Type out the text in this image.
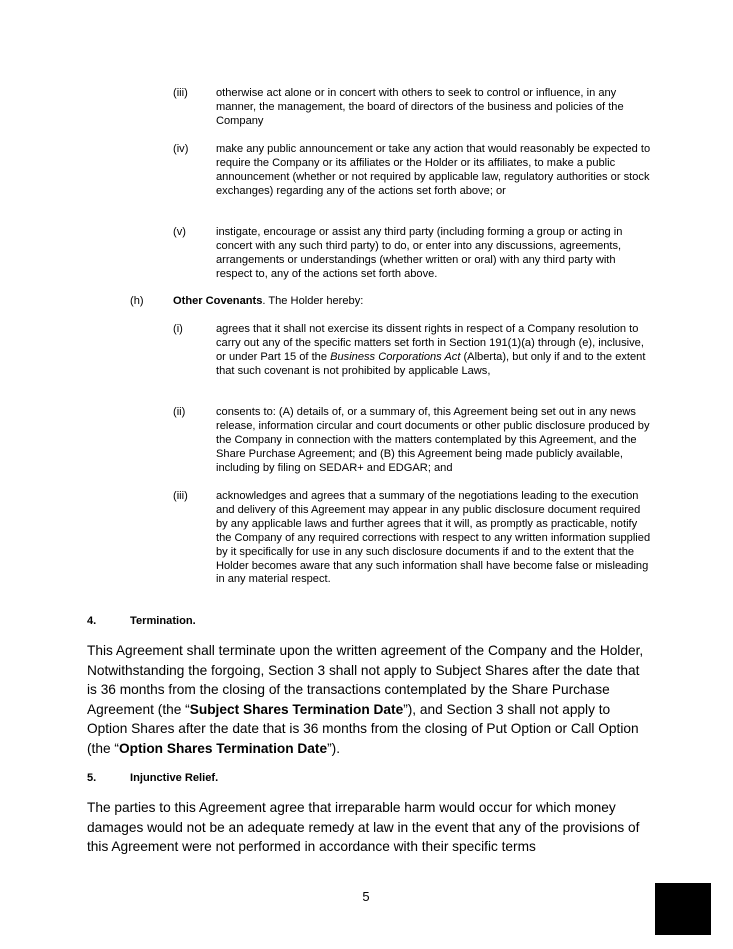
(iii)	otherwise act alone or in concert with others to seek to control or influence, in any manner, the management, the board of directors of the business and policies of the Company
(iv) make any public announcement or take any action that would reasonably be expected to require the Company or its affiliates or the Holder or its affiliates, to make a public announcement (whether or not required by applicable law, regulatory authorities or stock exchanges) regarding any of the actions set forth above; or
(v)	instigate, encourage or assist any third party (including forming a group or acting in concert with any such third party) to do, or enter into any discussions, agreements, arrangements or understandings (whether written or oral) with any third party with respect to, any of the actions set forth above.
(h)	Other Covenants. The Holder hereby:
(i)	agrees that it shall not exercise its dissent rights in respect of a Company resolution to carry out any of the specific matters set forth in Section 191(1)(a) through (e), inclusive, or under Part 15 of the Business Corporations Act (Alberta), but only if and to the extent that such covenant is not prohibited by applicable Laws,
(ii)	consents to: (A) details of, or a summary of, this Agreement being set out in any news release, information circular and court documents or other public disclosure produced by the Company in connection with the matters contemplated by this Agreement, and the Share Purchase Agreement; and (B) this Agreement being made publicly available, including by filing on SEDAR+ and EDGAR; and
(iii)	acknowledges and agrees that a summary of the negotiations leading to the execution and delivery of this Agreement may appear in any public disclosure document required by any applicable laws and further agrees that it will, as promptly as practicable, notify the Company of any required corrections with respect to any written information supplied by it specifically for use in any such disclosure documents if and to the extent that the Holder becomes aware that any such information shall have become false or misleading in any material respect.
4.	Termination.
This Agreement shall terminate upon the written agreement of the Company and the Holder, Notwithstanding the forgoing, Section 3 shall not apply to Subject Shares after the date that is 36 months from the closing of the transactions contemplated by the Share Purchase Agreement (the “Subject Shares Termination Date”), and Section 3 shall not apply to Option Shares after the date that is 36 months from the closing of Put Option or Call Option (the “Option Shares Termination Date”).
5.	Injunctive Relief.
The parties to this Agreement agree that irreparable harm would occur for which money damages would not be an adequate remedy at law in the event that any of the provisions of this Agreement were not performed in accordance with their specific terms
5
